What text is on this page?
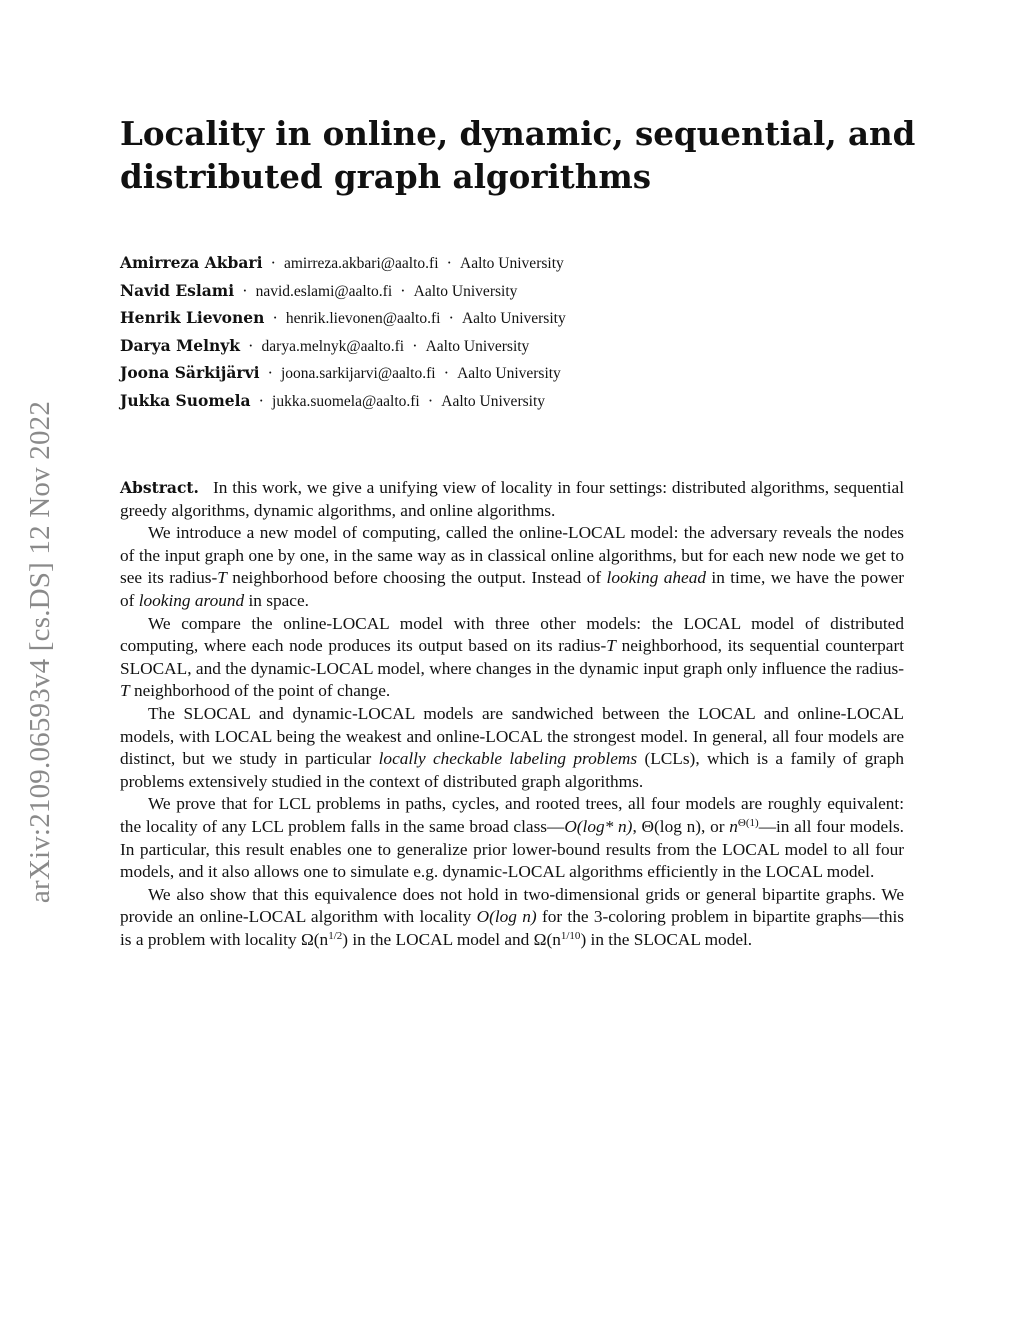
arXiv:2109.06593v4 [cs.DS] 12 Nov 2022
Locality in online, dynamic, sequential, and
distributed graph algorithms
Amirreza Akbari · amirreza.akbari@aalto.fi · Aalto University
Navid Eslami · navid.eslami@aalto.fi · Aalto University
Henrik Lievonen · henrik.lievonen@aalto.fi · Aalto University
Darya Melnyk · darya.melnyk@aalto.fi · Aalto University
Joona Särkijärvi · joona.sarkijarvi@aalto.fi · Aalto University
Jukka Suomela · jukka.suomela@aalto.fi · Aalto University

Abstract. In this work, we give a unifying view of locality in four settings: distributed algorithms, sequential greedy algorithms, dynamic algorithms, and online algorithms.

We introduce a new model of computing, called the online-LOCAL model: the adversary reveals the nodes of the input graph one by one, in the same way as in classical online algorithms, but for each new node we get to see its radius-T neighborhood before choosing the output. Instead of looking ahead in time, we have the power of looking around in space.

We compare the online-LOCAL model with three other models: the LOCAL model of distributed computing, where each node produces its output based on its radius-T neighborhood, its sequential counterpart SLOCAL, and the dynamic-LOCAL model, where changes in the dynamic input graph only influence the radius-T neighborhood of the point of change.

The SLOCAL and dynamic-LOCAL models are sandwiched between the LOCAL and online-LOCAL models, with LOCAL being the weakest and online-LOCAL the strongest model. In general, all four models are distinct, but we study in particular locally checkable labeling problems (LCLs), which is a family of graph problems extensively studied in the context of distributed graph algorithms.

We prove that for LCL problems in paths, cycles, and rooted trees, all four models are roughly equivalent: the locality of any LCL problem falls in the same broad class—O(log* n), Θ(log n), or $n^{\Theta(1)}—in$ all four models. In particular, this result enables one to generalize prior lower-bound results from the LOCAL model to all four models, and it also allows one to simulate e.g. dynamic-LOCAL algorithms efficiently in the LOCAL model.

We also show that this equivalence does not hold in two-dimensional grids or general bipartite graphs. We provide an online-LOCAL algorithm with locality O(log n) for the 3-coloring problem in bipartite graphs—this is a problem with locality $\Omega(n^{1/2})$ in the LOCAL model and $\Omega(n^{1/10})$ in the SLOCAL model.
